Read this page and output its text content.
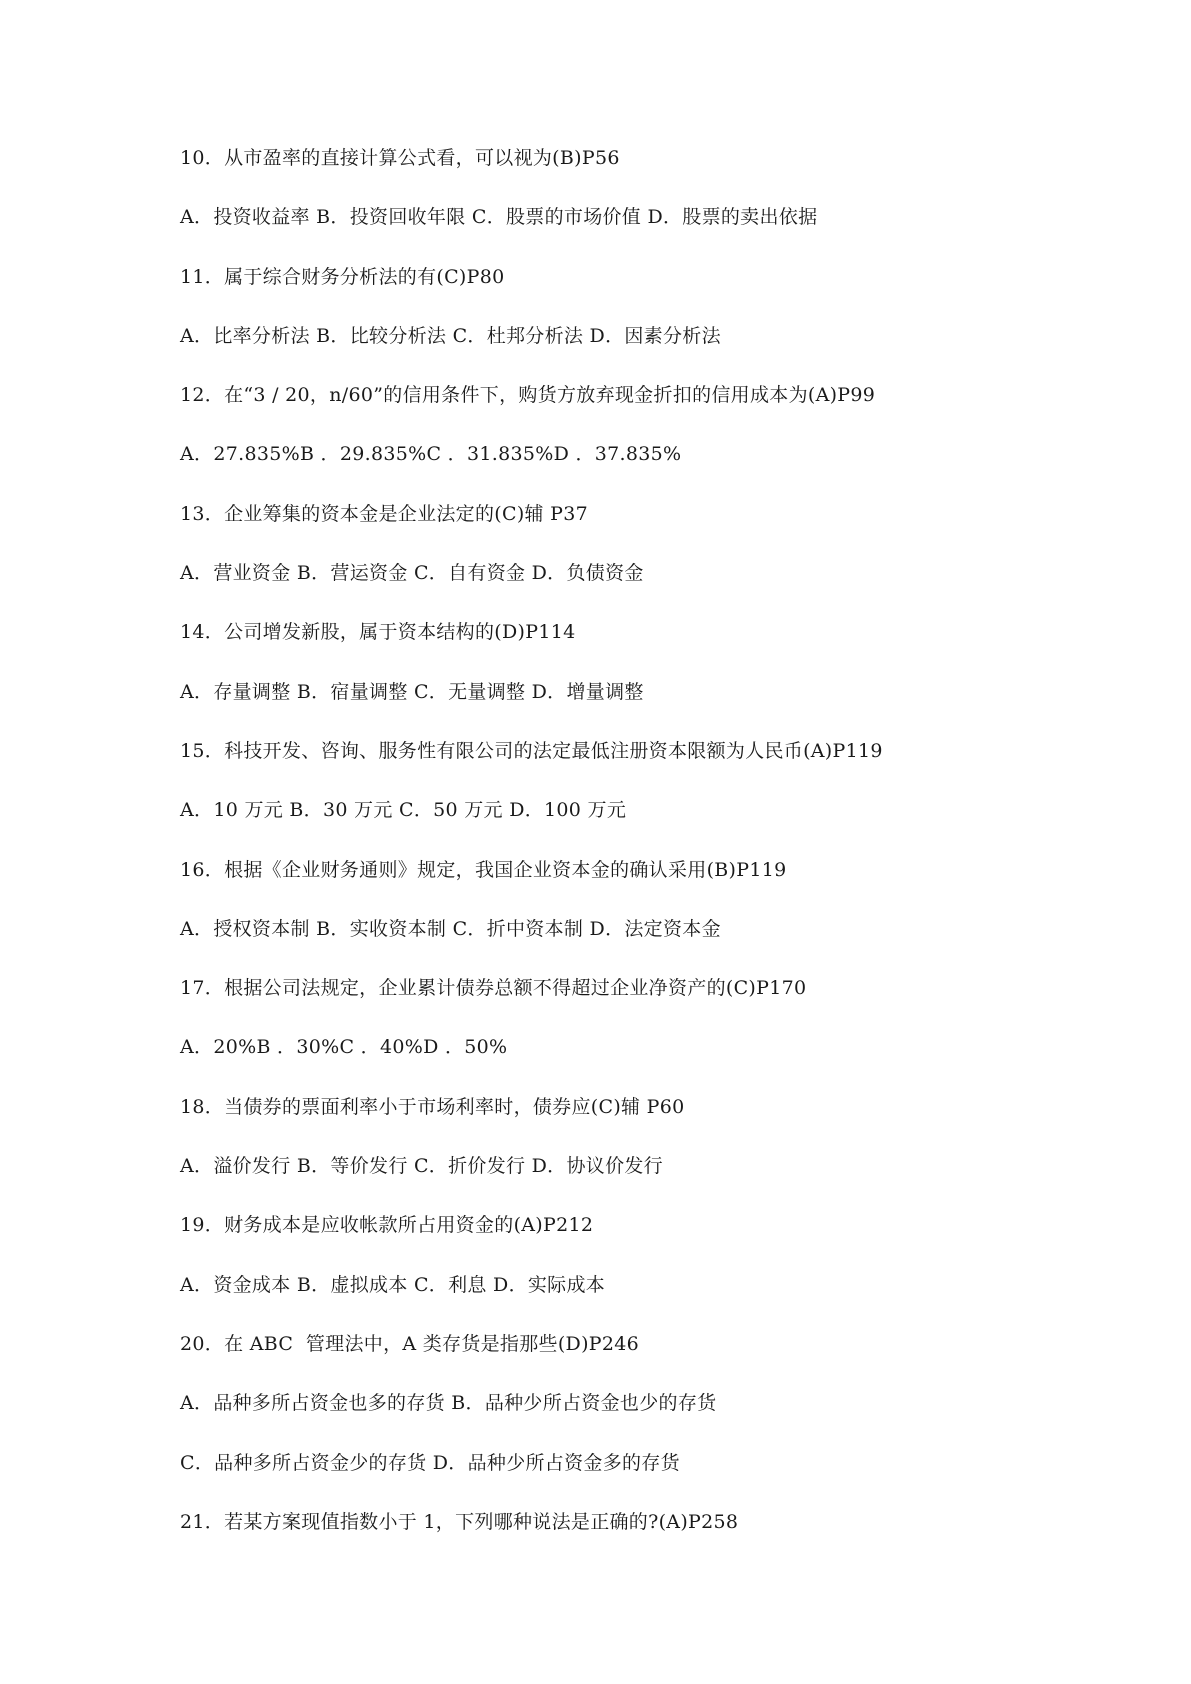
10．从市盈率的直接计算公式看，可以视为(B)P56
A．投资收益率 B．投资回收年限 C．股票的市场价值 D．股票的卖出依据
11．属于综合财务分析法的有(C)P80
A．比率分析法 B．比较分析法 C．杜邦分析法 D．因素分析法
12．在“3 / 20，n/60”的信用条件下，购货方放弃现金折扣的信用成本为(A)P99
A．27.835%B ．29.835%C ．31.835%D ．37.835%
13．企业筹集的资本金是企业法定的(C)辅 P37
A．营业资金 B．营运资金 C．自有资金 D．负债资金
14．公司增发新股，属于资本结构的(D)P114
A．存量调整 B．宿量调整 C．无量调整 D．增量调整
15．科技开发、咨询、服务性有限公司的法定最低注册资本限额为人民币(A)P119
A．10 万元 B．30 万元 C．50 万元 D．100 万元
16．根据《企业财务通则》规定，我国企业资本金的确认采用(B)P119
A．授权资本制 B．实收资本制 C．折中资本制 D．法定资本金
17．根据公司法规定，企业累计债券总额不得超过企业净资产的(C)P170
A．20%B ．30%C ．40%D ．50%
18．当债券的票面利率小于市场利率时，债券应(C)辅 P60
A．溢价发行 B．等价发行 C．折价发行 D．协议价发行
19．财务成本是应收帐款所占用资金的(A)P212
A．资金成本 B．虚拟成本 C．利息 D．实际成本
20．在 ABC  管理法中，A 类存货是指那些(D)P246
A．品种多所占资金也多的存货 B．品种少所占资金也少的存货
C．品种多所占资金少的存货 D．品种少所占资金多的存货
21．若某方案现值指数小于 1，下列哪种说法是正确的?(A)P258
